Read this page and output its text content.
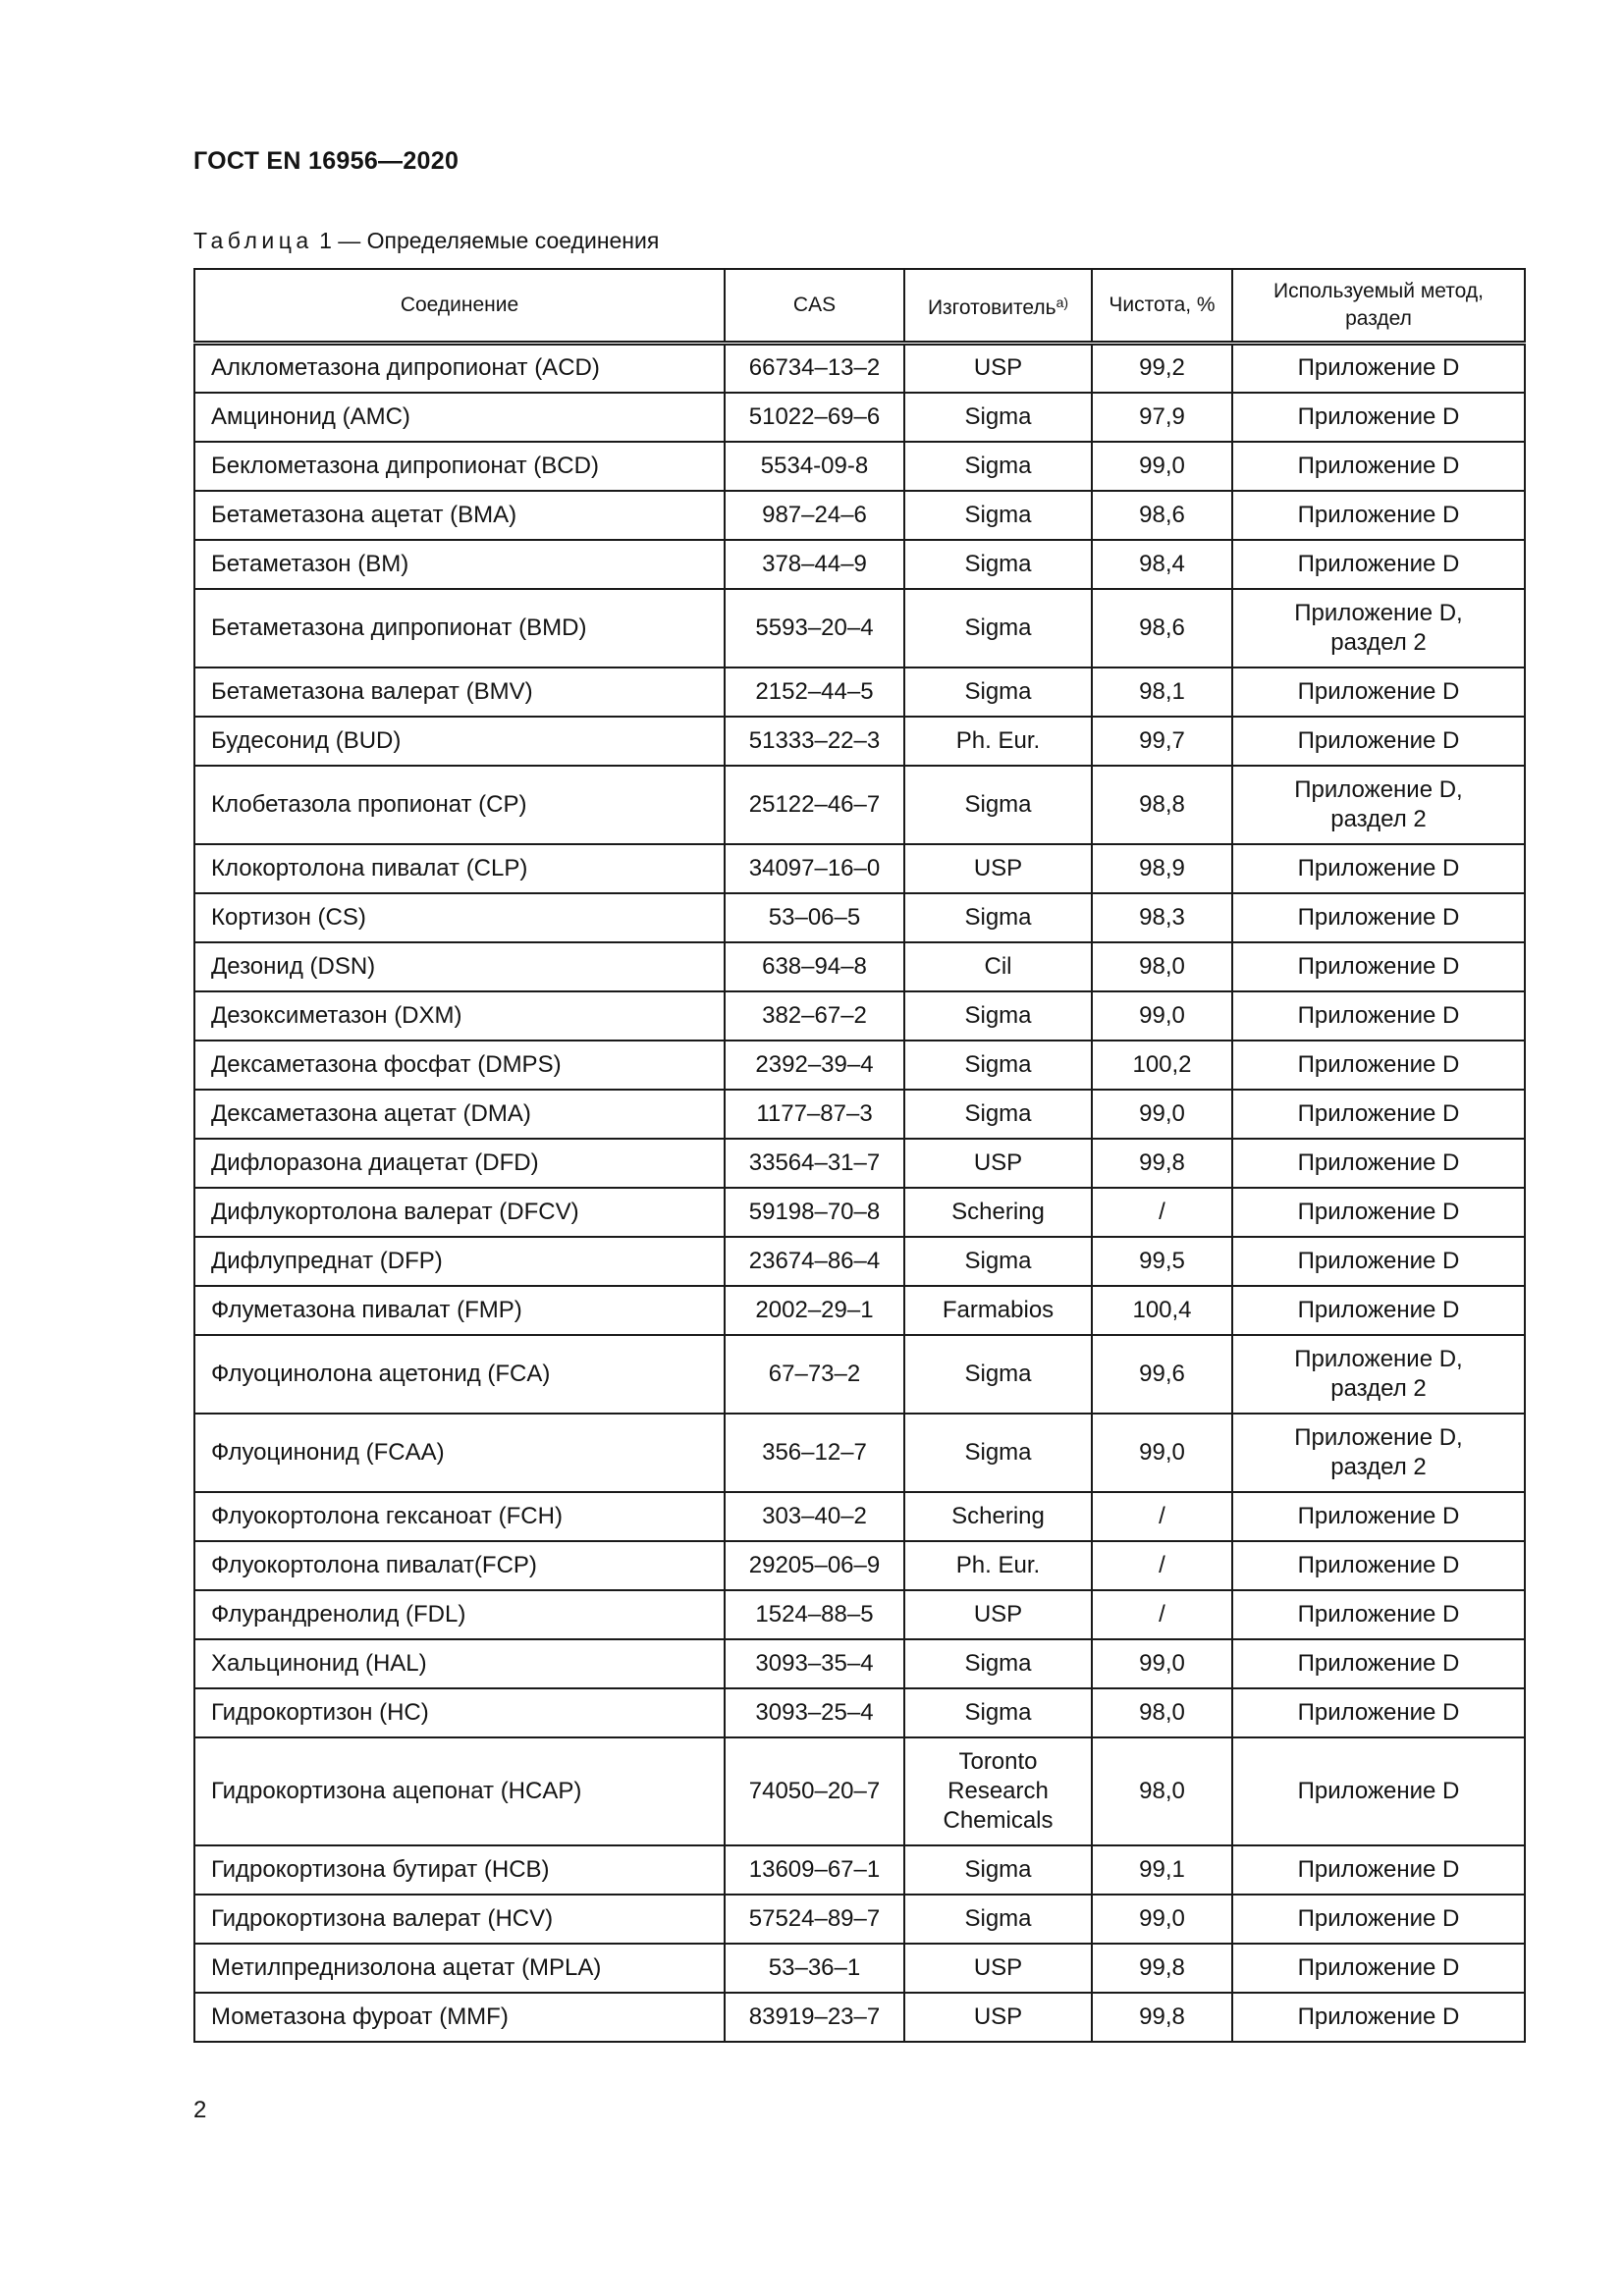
ГОСТ EN 16956—2020
Таблица 1 — Определяемые соединения
Соединение	CAS	Изготовитель$^{а)}$	Чистота, %	Используемый метод, раздел
Алклометазона дипропионат (ACD)	66734–13–2	USP	99,2	Приложение D
Амцинонид (AMC)	51022–69–6	Sigma	97,9	Приложение D
Беклометазона дипропионат (BCD)	5534-09-8	Sigma	99,0	Приложение D
Бетаметазона ацетат (BMA)	987–24–6	Sigma	98,6	Приложение D
Бетаметазон (BM)	378–44–9	Sigma	98,4	Приложение D
Бетаметазона дипропионат (BMD)	5593–20–4	Sigma	98,6	Приложение D,
раздел 2
Бетаметазона валерат (BMV)	2152–44–5	Sigma	98,1	Приложение D
Будесонид (BUD)	51333–22–3	Ph. Eur.	99,7	Приложение D
Клобетазола пропионат (CP)	25122–46–7	Sigma	98,8	Приложение D,
раздел 2
Клокортолона пивалат (CLP)	34097–16–0	USP	98,9	Приложение D
Кортизон (CS)	53–06–5	Sigma	98,3	Приложение D
Дезонид (DSN)	638–94–8	Cil	98,0	Приложение D
Дезоксиметазон (DXM)	382–67–2	Sigma	99,0	Приложение D
Дексаметазона фосфат (DMPS)	2392–39–4	Sigma	100,2	Приложение D
Дексаметазона ацетат (DMA)	1177–87–3	Sigma	99,0	Приложение D
Дифлоразона диацетат (DFD)	33564–31–7	USP	99,8	Приложение D
Дифлукортолона валерат (DFCV)	59198–70–8	Schering	/	Приложение D
Дифлупреднат (DFP)	23674–86–4	Sigma	99,5	Приложение D
Флуметазона пивалат (FMP)	2002–29–1	Farmabios	100,4	Приложение D
Флуоцинолона ацетонид (FCA)	67–73–2	Sigma	99,6	Приложение D,
раздел 2
Флуоцинонид (FCAA)	356–12–7	Sigma	99,0	Приложение D,
раздел 2
Флуокортолона гексаноат (FCH)	303–40–2	Schering	/	Приложение D
Флуокортолона пивалат(FCP)	29205–06–9	Ph. Eur.	/	Приложение D
Флурандренолид (FDL)	1524–88–5	USP	/	Приложение D
Хальцинонид (HAL)	3093–35–4	Sigma	99,0	Приложение D
Гидрокортизон (HC)	3093–25–4	Sigma	98,0	Приложение D
Гидрокортизона ацепонат (HCAP)	74050–20–7	Toronto
Research
Chemicals	98,0	Приложение D
Гидрокортизона бутират (HCB)	13609–67–1	Sigma	99,1	Приложение D
Гидрокортизона валерат (HCV)	57524–89–7	Sigma	99,0	Приложение D
Метилпреднизолона ацетат (MPLA)	53–36–1	USP	99,8	Приложение D
Мометазона фуроат (MMF)	83919–23–7	USP	99,8	Приложение D
2
